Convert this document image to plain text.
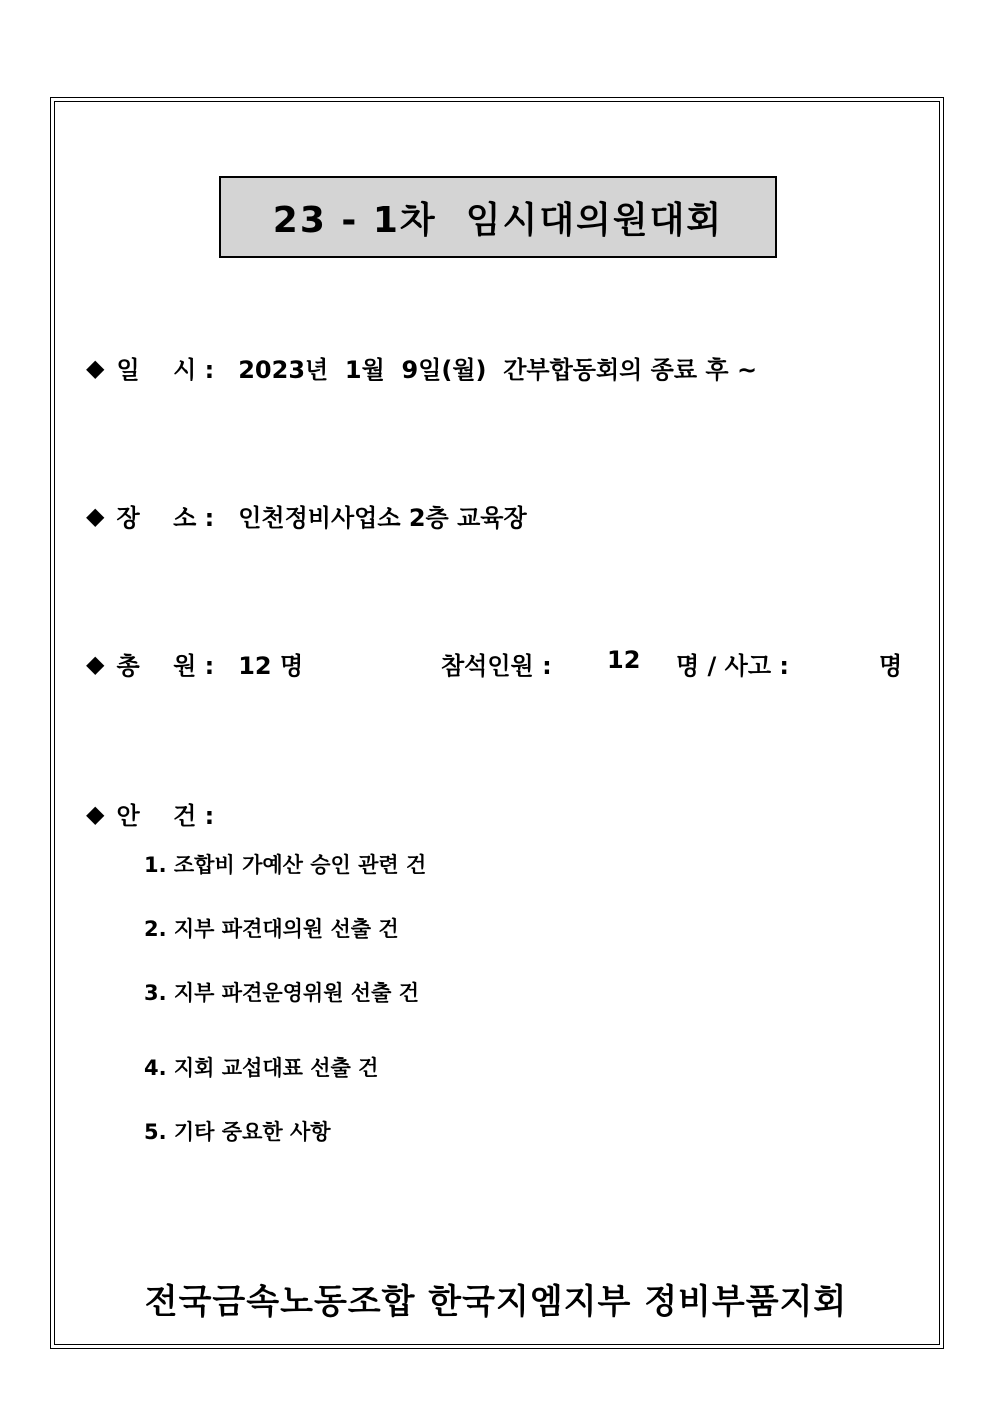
23 - 1차  임시대의원대회
◆ 일    시 : 2023년  1월  9일(월)  간부합동회의 종료 후 ~
◆ 장    소 : 인천정비사업소 2층 교육장
◆ 총    원 : 12 명	참석인원 : 12 명 / 사고 :	명
◆ 안    건 :
1. 조합비 가예산 승인 관련 건
2. 지부 파견대의원 선출 건
3. 지부 파견운영위원 선출 건
4. 지회 교섭대표 선출 건
5. 기타 중요한 사항
전국금속노동조합 한국지엠지부 정비부품지회
